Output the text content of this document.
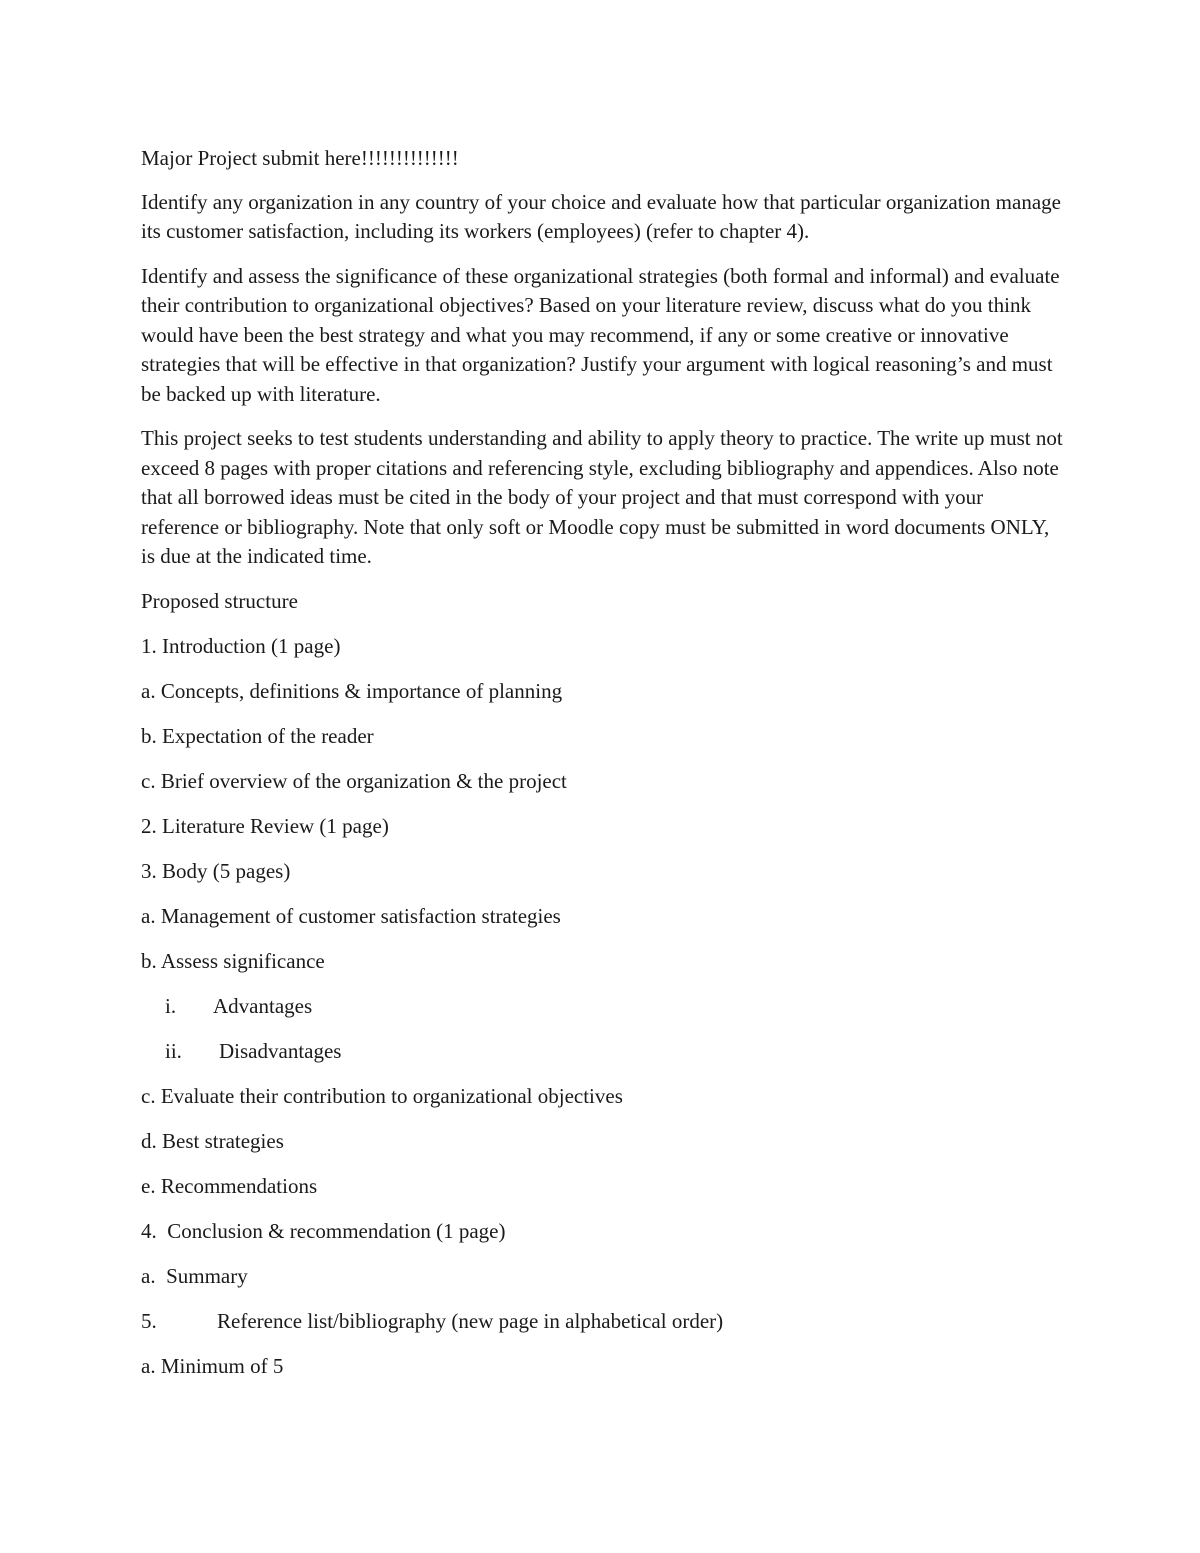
Major Project submit here!!!!!!!!!!!!!!

Identify any organization in any country of your choice and evaluate how that particular organization manage its customer satisfaction, including its workers (employees) (refer to chapter 4).

Identify and assess the significance of these organizational strategies (both formal and informal) and evaluate their contribution to organizational objectives? Based on your literature review, discuss what do you think would have been the best strategy and what you may recommend, if any or some creative or innovative strategies that will be effective in that organization? Justify your argument with logical reasoning’s and must be backed up with literature.

This project seeks to test students understanding and ability to apply theory to practice. The write up must not exceed 8 pages with proper citations and referencing style, excluding bibliography and appendices. Also note that all borrowed ideas must be cited in the body of your project and that must correspond with your reference or bibliography. Note that only soft or Moodle copy must be submitted in word documents ONLY, is due at the indicated time.

Proposed structure

1. Introduction (1 page)

a. Concepts, definitions & importance of planning

b. Expectation of the reader

c. Brief overview of the organization & the project

2. Literature Review (1 page)

3. Body (5 pages)

a. Management of customer satisfaction strategies

b. Assess significance

i.	Advantages
ii.	Disadvantages

c. Evaluate their contribution to organizational objectives

d. Best strategies

e. Recommendations

4.  Conclusion & recommendation (1 page)

a.  Summary

5.	Reference list/bibliography (new page in alphabetical order)

a. Minimum of 5
